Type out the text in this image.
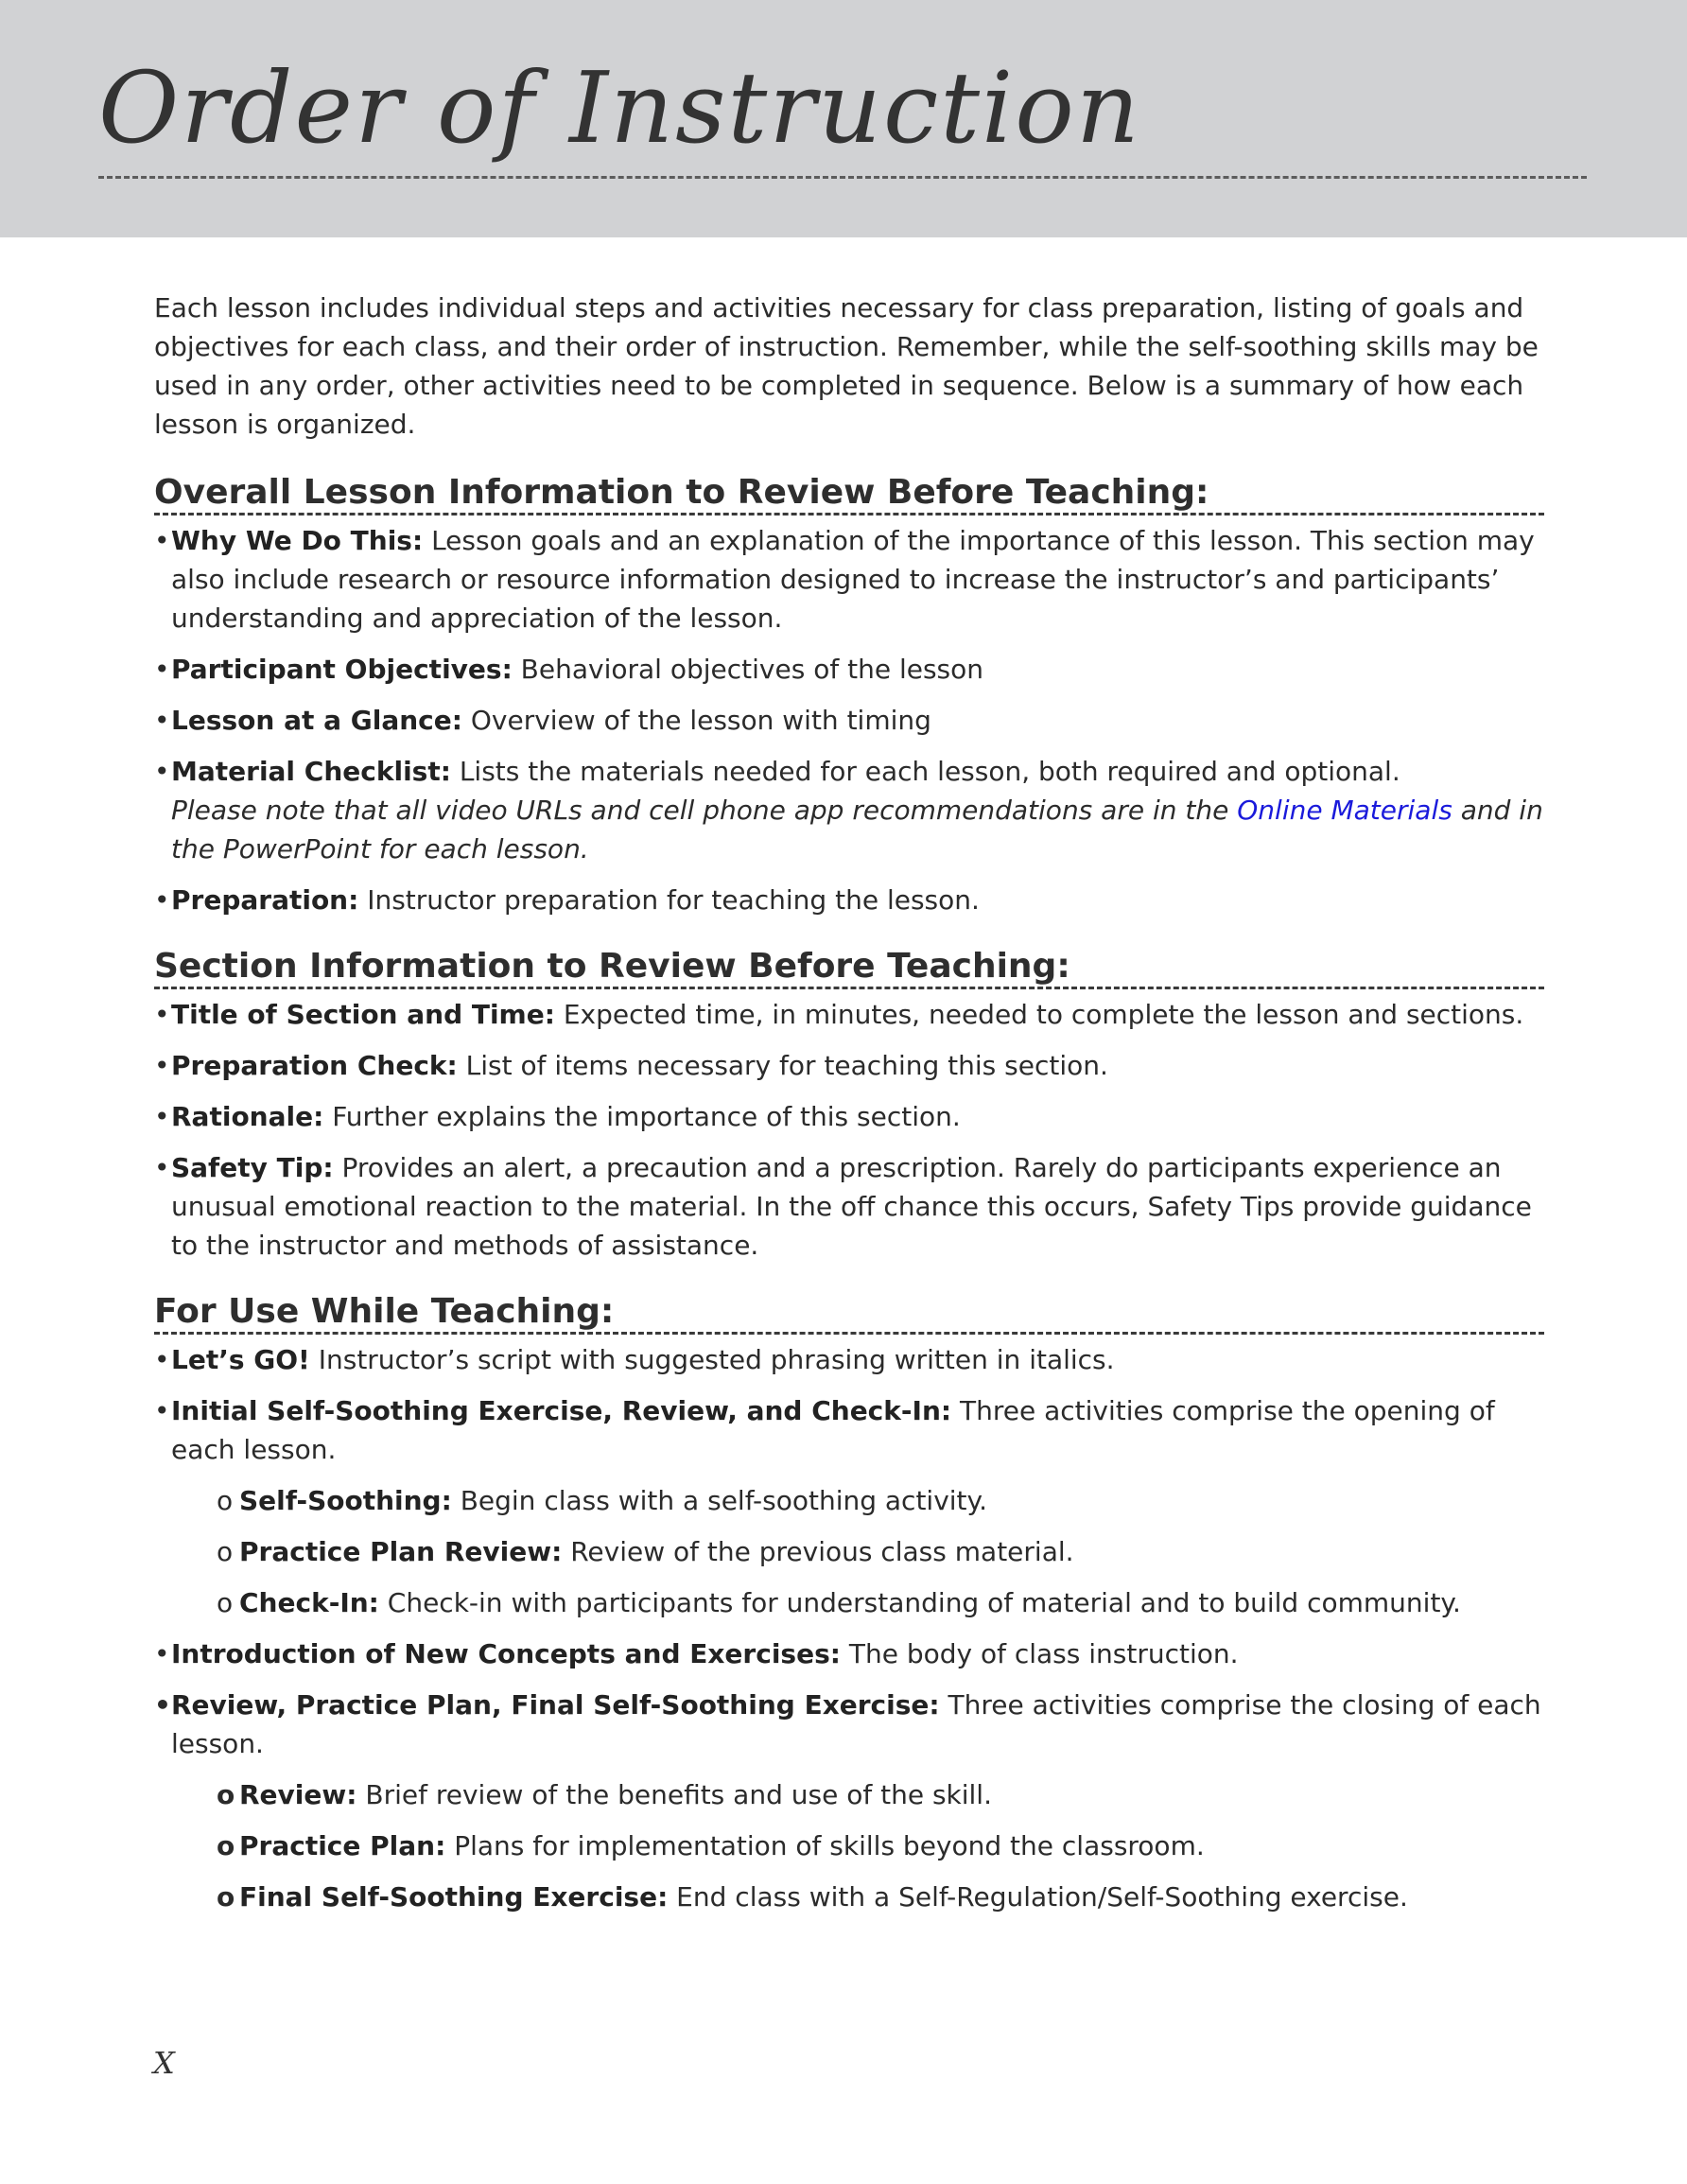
Order of Instruction

Each lesson includes individual steps and activities necessary for class preparation, listing of goals and objectives for each class, and their order of instruction. Remember, while the self-soothing skills may be used in any order, other activities need to be completed in sequence. Below is a summary of how each lesson is organized.

Overall Lesson Information to Review Before Teaching:
• Why We Do This: Lesson goals and an explanation of the importance of this lesson. This section may also include research or resource information designed to increase the instructor’s and participants’ understanding and appreciation of the lesson.
• Participant Objectives: Behavioral objectives of the lesson
• Lesson at a Glance: Overview of the lesson with timing
• Material Checklist: Lists the materials needed for each lesson, both required and optional.
Please note that all video URLs and cell phone app recommendations are in the Online Materials and in the PowerPoint for each lesson.
• Preparation: Instructor preparation for teaching the lesson.
Section Information to Review Before Teaching:
• Title of Section and Time: Expected time, in minutes, needed to complete the lesson and sections.
• Preparation Check: List of items necessary for teaching this section.
• Rationale: Further explains the importance of this section.
• Safety Tip: Provides an alert, a precaution and a prescription. Rarely do participants experience an unusual emotional reaction to the material. In the off chance this occurs, Safety Tips provide guidance to the instructor and methods of assistance.
For Use While Teaching:
• Let’s GO! Instructor’s script with suggested phrasing written in italics.
• Initial Self-Soothing Exercise, Review, and Check-In: Three activities comprise the opening of each lesson.
o Self-Soothing: Begin class with a self-soothing activity.
o Practice Plan Review: Review of the previous class material.
o Check-In: Check-in with participants for understanding of material and to build community.
• Introduction of New Concepts and Exercises: The body of class instruction.
• Review, Practice Plan, Final Self-Soothing Exercise: Three activities comprise the closing of each lesson.
o Review: Brief review of the benefits and use of the skill.
o Practice Plan: Plans for implementation of skills beyond the classroom.
o Final Self-Soothing Exercise: End class with a Self-Regulation/Self-Soothing exercise.
X
